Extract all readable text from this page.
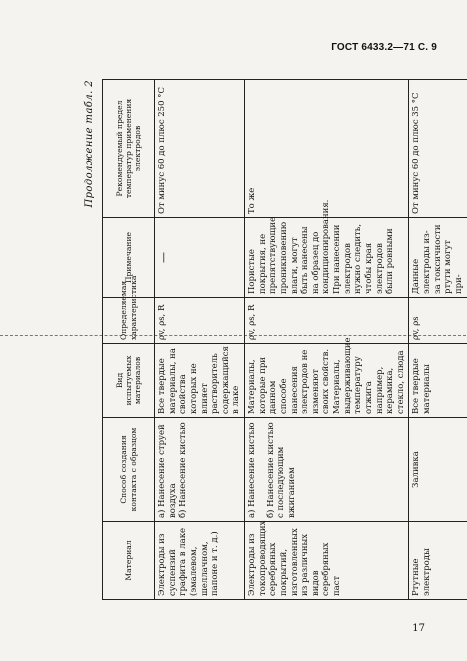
ГОСТ 6433.2—71 С. 9
Продолжение табл. 2
Материал	Способ создания контакта с образцом	Вид испытуемых материалов	Определяемая характеристика	Примечание	Рекомендуемый предел температур применения электродов
Электроды из суспензий графита в лаке (эмалевом, шеллачном, папоне и т. д.)	а) Нанесение струей воздуха б) Нанесение кистью	Все твердые материалы, на свойства которых не влияет растворитель содержащийся в лаке	ρv, ρs, R	—	От минус 60 до плюс 250 °С
Электроды из токопроводящих серебряных покрытий, изготовленных из различных видов серебряных паст	а) Нанесение кистью б) Нанесение кистью с последующим вжиганием	Материалы, которые при данном способе нанесения электродов не изменяют своих свойств. Материалы, выдерживающие температуру отжига например, керамика, стекло, слюда	ρv, ρs, R	Пористые покрытия, не препятствующие проникновению влаги, могут быть нанесены на образец до кондиционирования. При нанесении электродов нужно следить, чтобы края электродов были ровными	То же
Ртутные электроды	Заливка	Все твердые материалы	ρv, ρs	Данные электроды из-за токсичности ртути могут при-	От минус 60 до плюс 35 °С
17
